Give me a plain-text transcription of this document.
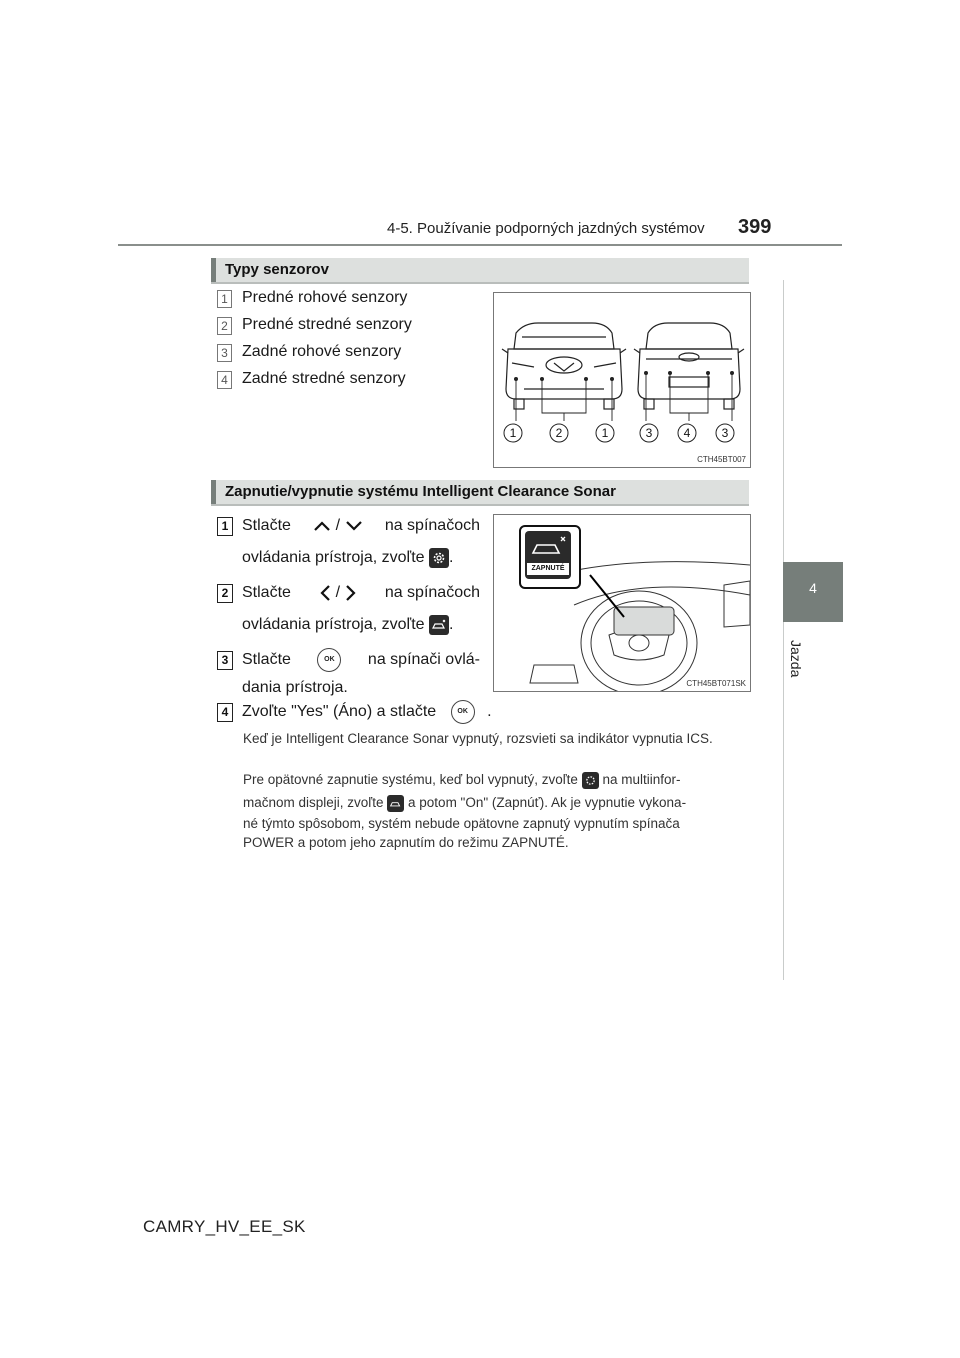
4-5. Používanie podporných jazdných systémov 399
4
Jazda
Typy senzorov
1 Predné rohové senzory
2 Predné stredné senzory
3 Zadné rohové senzory
4 Zadné stredné senzory
1	2	1	3	4	3
CTH45BT007
Zapnutie/vypnutie systému Intelligent Clearance Sonar
1 Stlačte	/	na spínačoch
ovládania prístroja, zvoľte .
2 Stlačte	/	na spínačoch
ovládania prístroja, zvoľte .
3 Stlačte	OK	na spínači ovlá-
dania prístroja.
ZAPNUTÉ
CTH45BT071SK
4 Zvoľte "Yes" (Áno) a stlačte	OK .
Keď je Intelligent Clearance Sonar vypnutý, rozsvieti sa indikátor vypnutia ICS.
Pre opätovné zapnutie systému, keď bol vypnutý, zvoľte na multiinfor-
mačnom displeji, zvoľte a potom "On" (Zapnúť). Ak je vypnutie vykona-
né týmto spôsobom, systém nebude opätovne zapnutý vypnutím spínača
POWER a potom jeho zapnutím do režimu ZAPNUTÉ.
CAMRY_HV_EE_SK
